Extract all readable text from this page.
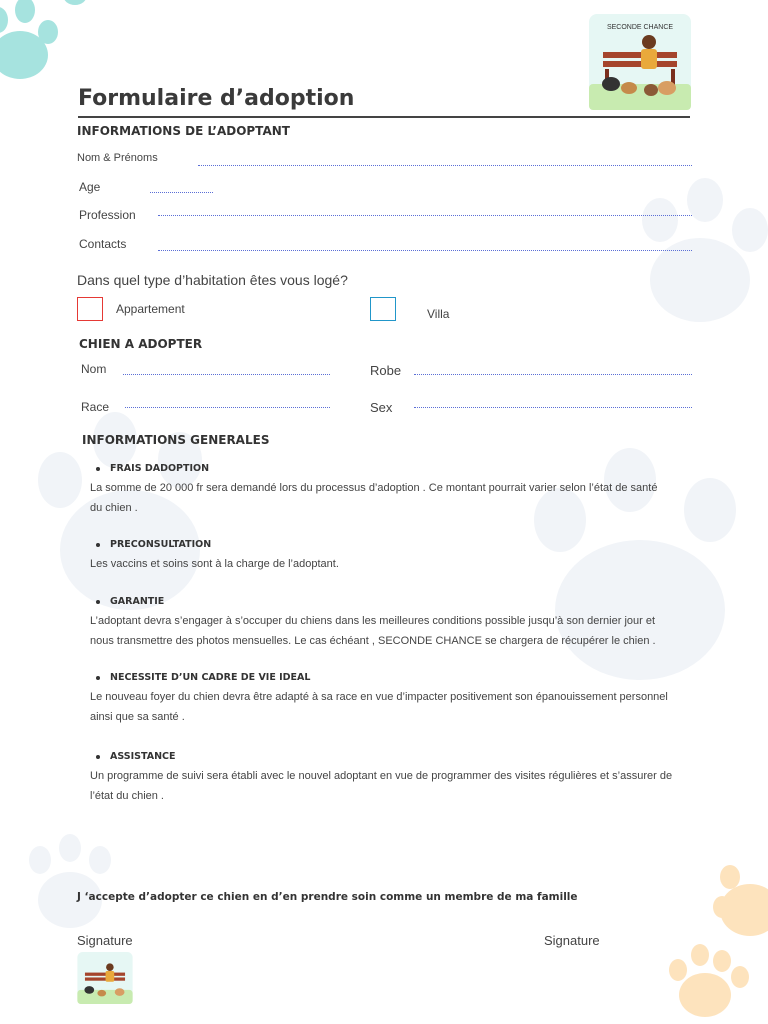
SECONDE CHANCE
Formulaire d’adoption
INFORMATIONS DE L’ADOPTANT
Nom & Prénoms
Age
Profession
Contacts
Dans quel type d’habitation êtes vous logé?
Appartement	Villa
CHIEN A ADOPTER
Nom	Robe
Race	Sex
INFORMATIONS GENERALES
FRAIS DADOPTION
La somme de 20 000 fr sera demandé lors du processus d’adoption . Ce montant pourrait varier selon l’état de santé
du chien .
PRECONSULTATION
Les vaccins et soins sont à la charge de l’adoptant.
GARANTIE
L’adoptant devra s’engager à s’occuper du chiens dans les meilleures conditions possible jusqu’à son dernier jour et
nous transmettre des photos mensuelles. Le cas échéant , SECONDE CHANCE se chargera de récupérer le chien .
NECESSITE D’UN CADRE DE VIE IDEAL
Le nouveau foyer du chien devra être adapté à sa race en vue d’impacter positivement son épanouissement personnel
ainsi que sa santé .
ASSISTANCE
Un programme de suivi sera établi avec le nouvel adoptant en vue de programmer des visites régulières et s’assurer de
l’état du chien .
J ‘accepte d’adopter ce chien en d’en prendre soin comme un membre de ma famille
Signature	Signature
